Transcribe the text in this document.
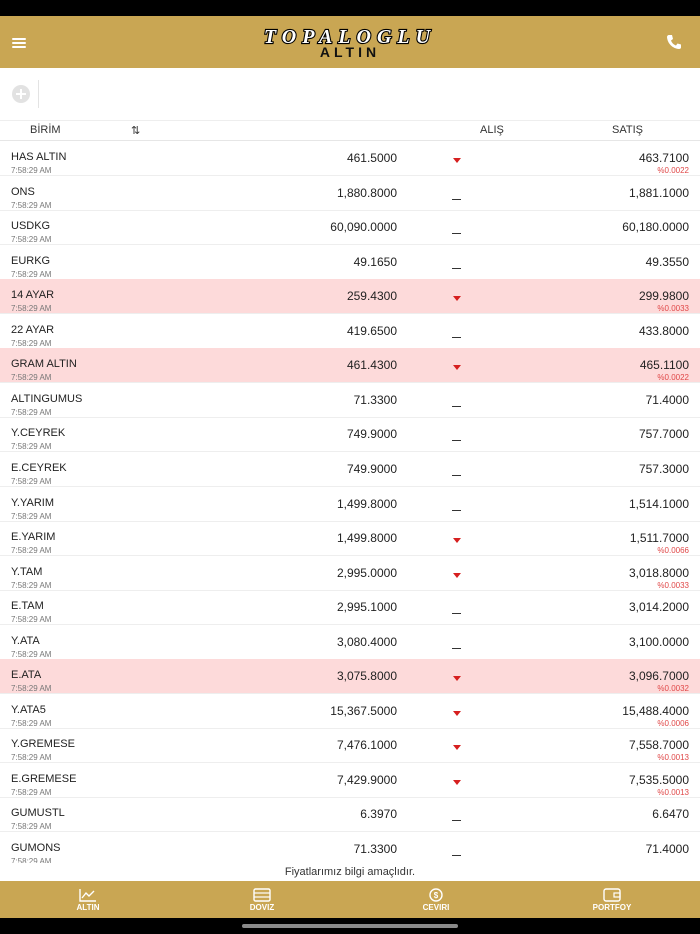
TOPALOGLU
ALTIN
BİRİM	⇅	ALIŞ	SATIŞ
HAS ALTIN
7:58:29 AM
461.5000	463.7100
%0.0022
ONS
7:58:29 AM
1,880.8000	1,881.1000
USDKG
7:58:29 AM
60,090.0000	60,180.0000
EURKG
7:58:29 AM
49.1650	49.3550
14 AYAR
7:58:29 AM
259.4300	299.9800
%0.0033
22 AYAR
7:58:29 AM
419.6500	433.8000
GRAM ALTIN
7:58:29 AM
461.4300	465.1100
%0.0022
ALTINGUMUS
7:58:29 AM
71.3300	71.4000
Y.CEYREK
7:58:29 AM
749.9000	757.7000
E.CEYREK
7:58:29 AM
749.9000	757.3000
Y.YARIM
7:58:29 AM
1,499.8000	1,514.1000
E.YARIM
7:58:29 AM
1,499.8000	1,511.7000
%0.0066
Y.TAM
7:58:29 AM
2,995.0000	3,018.8000
%0.0033
E.TAM
7:58:29 AM
2,995.1000	3,014.2000
Y.ATA
7:58:29 AM
3,080.4000	3,100.0000
E.ATA
7:58:29 AM
3,075.8000	3,096.7000
%0.0032
Y.ATA5
7:58:29 AM
15,367.5000	15,488.4000
%0.0006
Y.GREMESE
7:58:29 AM
7,476.1000	7,558.7000
%0.0013
E.GREMESE
7:58:29 AM
7,429.9000	7,535.5000
%0.0013
GUMUSTL
7:58:29 AM
6.3970	6.6470
GUMONS
7:58:29 AM
71.3300	71.4000
Fiyatlarımız bilgi amaçlıdır.
ALTIN	DOVIZ
$
CEVIRI	PORTFOY
